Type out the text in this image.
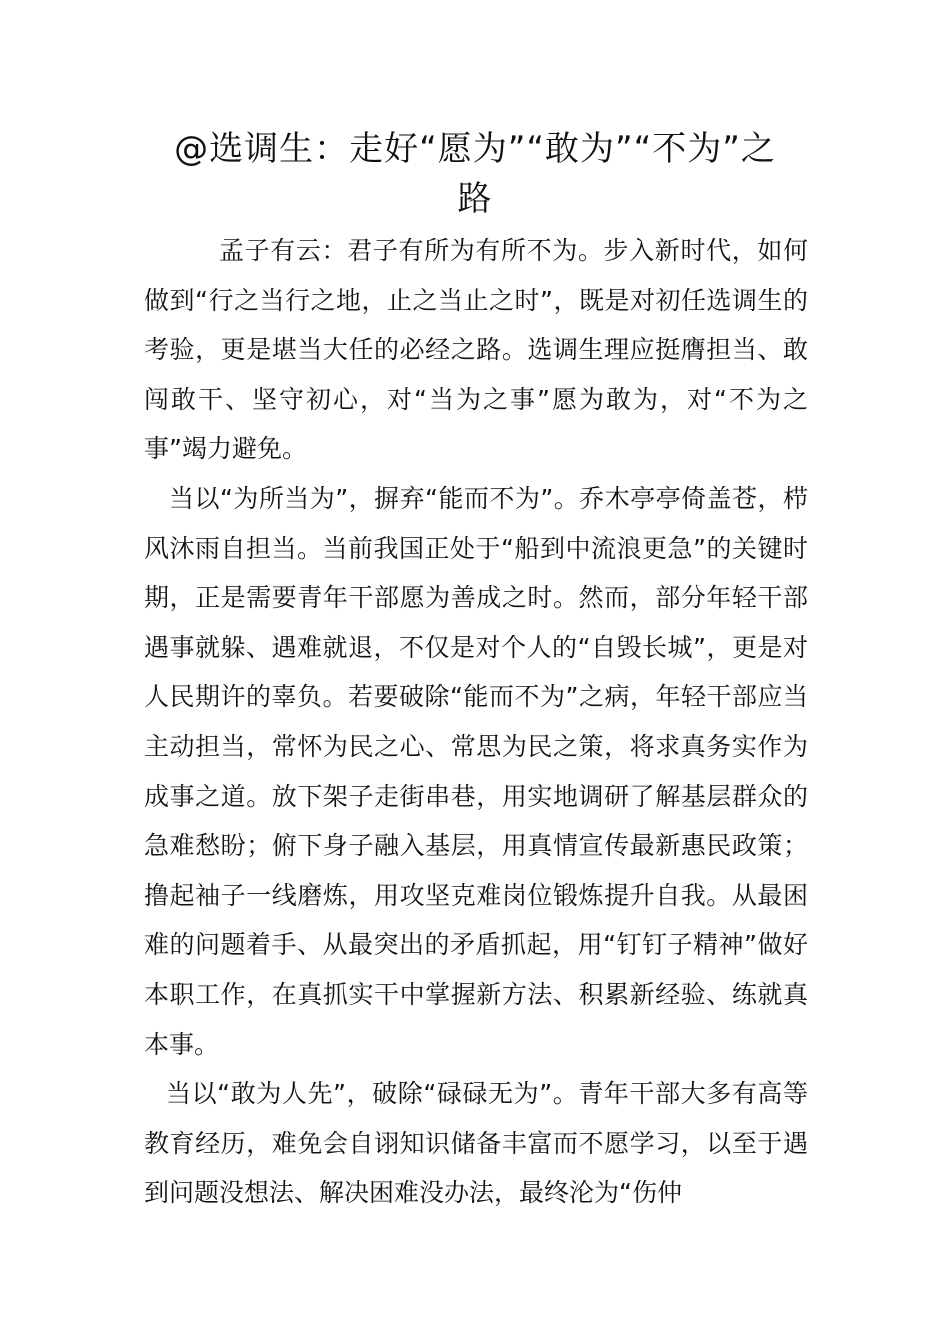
@选调生：走好“愿为”“敢为”“不为”之路

孟子有云：君子有所为有所不为。步入新时代，如何做到“行之当行之地，止之当止之时”，既是对初任选调生的考验，更是堪当大任的必经之路。选调生理应挺膺担当、敢闯敢干、坚守初心，对“当为之事”愿为敢为，对“不为之事”竭力避免。

当以“为所当为”，摒弃“能而不为”。乔木亭亭倚盖苍，栉风沐雨自担当。当前我国正处于“船到中流浪更急”的关键时期，正是需要青年干部愿为善成之时。然而，部分年轻干部遇事就躲、遇难就退，不仅是对个人的“自毁长城”，更是对人民期许的辜负。若要破除“能而不为”之病，年轻干部应当主动担当，常怀为民之心、常思为民之策，将求真务实作为成事之道。放下架子走街串巷，用实地调研了解基层群众的急难愁盼；俯下身子融入基层，用真情宣传最新惠民政策；撸起袖子一线磨炼，用攻坚克难岗位锻炼提升自我。从最困难的问题着手、从最突出的矛盾抓起，用“钉钉子精神”做好本职工作，在真抓实干中掌握新方法、积累新经验、练就真本事。

当以“敢为人先”，破除“碌碌无为”。青年干部大多有高等教育经历，难免会自诩知识储备丰富而不愿学习，以至于遇到问题没想法、解决困难没办法，最终沦为“伤仲
